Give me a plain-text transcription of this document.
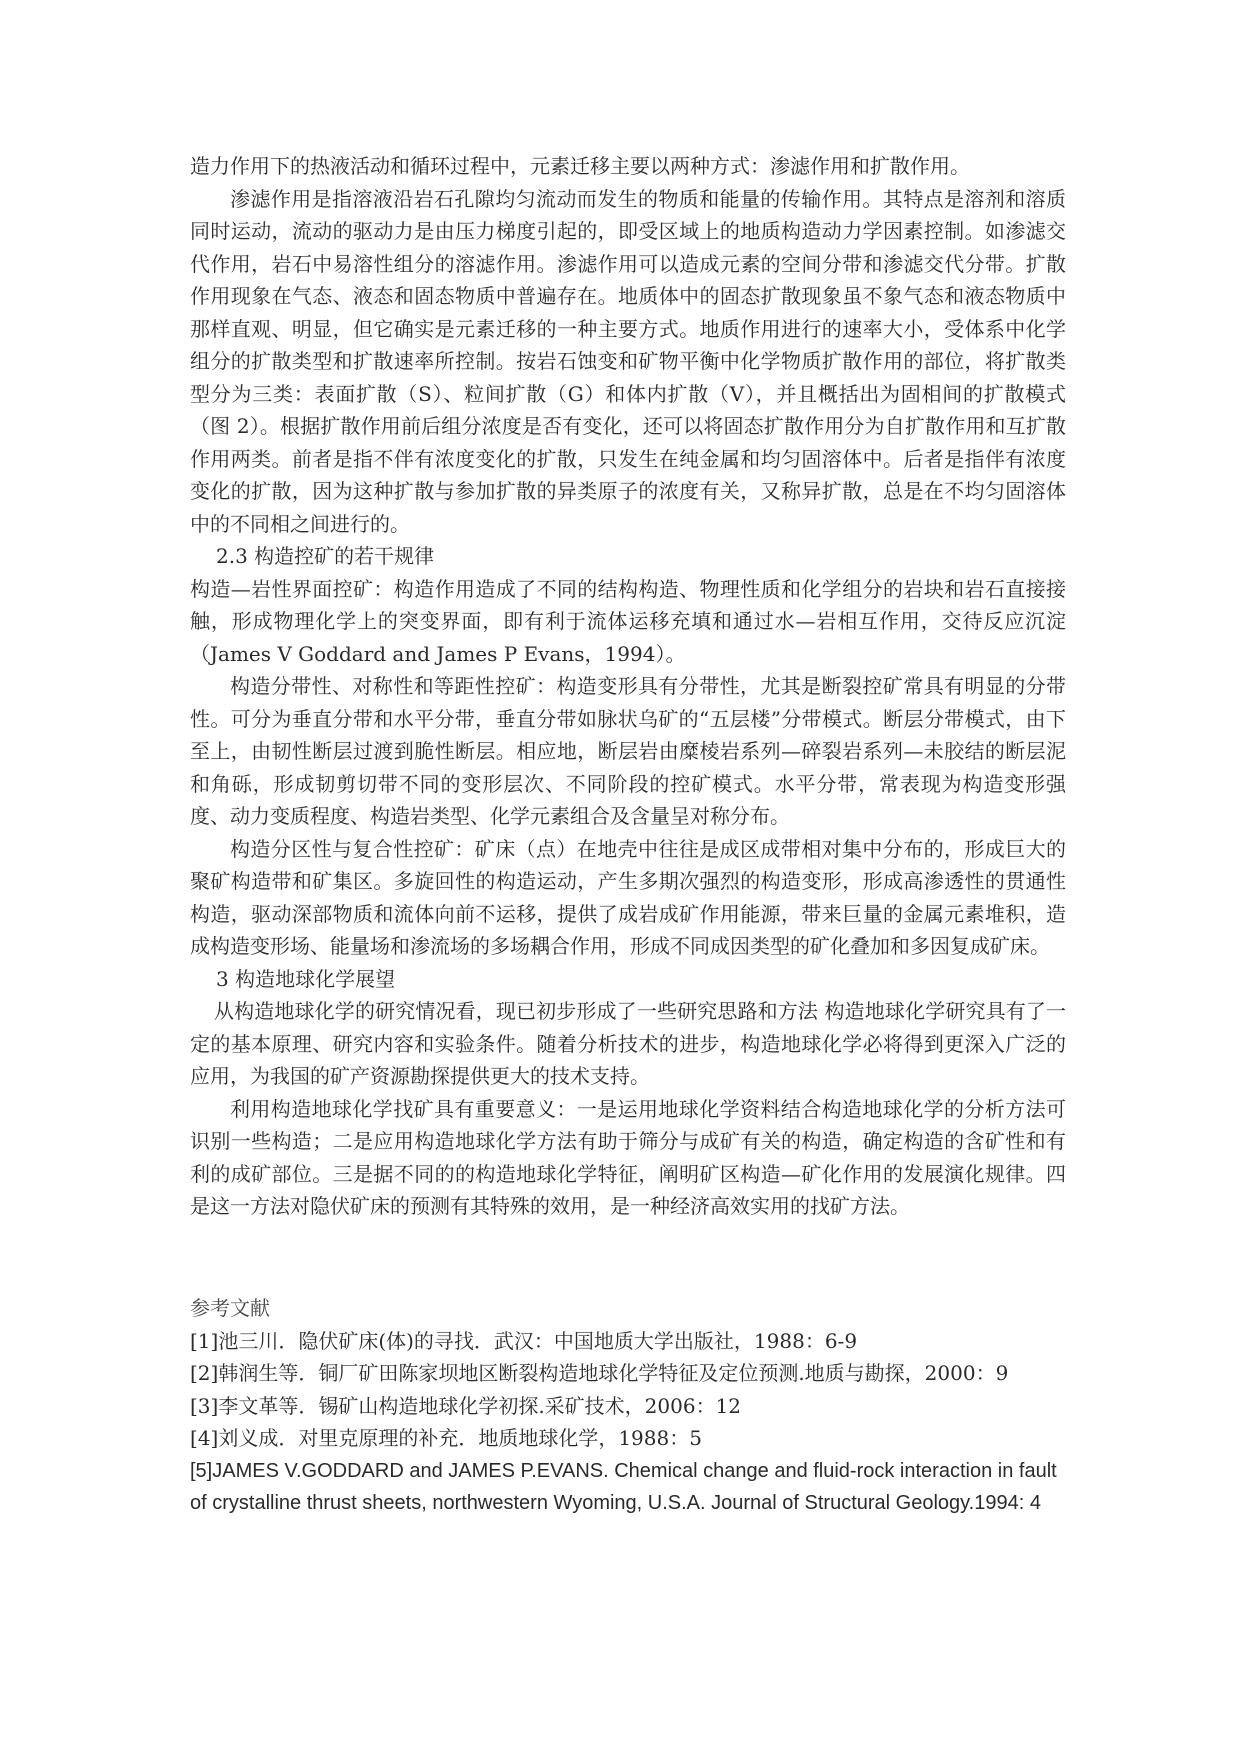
造力作用下的热液活动和循环过程中，元素迁移主要以两种方式：渗滤作用和扩散作用。

渗滤作用是指溶液沿岩石孔隙均匀流动而发生的物质和能量的传输作用。其特点是溶剂和溶质同时运动，流动的驱动力是由压力梯度引起的，即受区域上的地质构造动力学因素控制。如渗滤交代作用，岩石中易溶性组分的溶滤作用。渗滤作用可以造成元素的空间分带和渗滤交代分带。扩散作用现象在气态、液态和固态物质中普遍存在。地质体中的固态扩散现象虽不象气态和液态物质中那样直观、明显，但它确实是元素迁移的一种主要方式。地质作用进行的速率大小，受体系中化学组分的扩散类型和扩散速率所控制。按岩石蚀变和矿物平衡中化学物质扩散作用的部位，将扩散类型分为三类：表面扩散（S）、粒间扩散（G）和体内扩散（V），并且概括出为固相间的扩散模式（图 2）。根据扩散作用前后组分浓度是否有变化，还可以将固态扩散作用分为自扩散作用和互扩散作用两类。前者是指不伴有浓度变化的扩散，只发生在纯金属和均匀固溶体中。后者是指伴有浓度变化的扩散，因为这种扩散与参加扩散的异类原子的浓度有关，又称异扩散，总是在不均匀固溶体中的不同相之间进行的。

2.3 构造控矿的若干规律

构造—岩性界面控矿：构造作用造成了不同的结构构造、物理性质和化学组分的岩块和岩石直接接触，形成物理化学上的突变界面，即有利于流体运移充填和通过水—岩相互作用，交待反应沉淀（James V Goddard and James P Evans，1994）。

构造分带性、对称性和等距性控矿：构造变形具有分带性，尤其是断裂控矿常具有明显的分带性。可分为垂直分带和水平分带，垂直分带如脉状乌矿的“五层楼”分带模式。断层分带模式，由下至上，由韧性断层过渡到脆性断层。相应地，断层岩由糜棱岩系列—碎裂岩系列—未胶结的断层泥和角砾，形成韧剪切带不同的变形层次、不同阶段的控矿模式。水平分带，常表现为构造变形强度、动力变质程度、构造岩类型、化学元素组合及含量呈对称分布。

构造分区性与复合性控矿：矿床（点）在地壳中往往是成区成带相对集中分布的，形成巨大的聚矿构造带和矿集区。多旋回性的构造运动，产生多期次强烈的构造变形，形成高渗透性的贯通性构造，驱动深部物质和流体向前不运移，提供了成岩成矿作用能源，带来巨量的金属元素堆积，造成构造变形场、能量场和渗流场的多场耦合作用，形成不同成因类型的矿化叠加和多因复成矿床。

3 构造地球化学展望

从构造地球化学的研究情况看，现已初步形成了一些研究思路和方法 构造地球化学研究具有了一定的基本原理、研究内容和实验条件。随着分析技术的进步，构造地球化学必将得到更深入广泛的应用，为我国的矿产资源勘探提供更大的技术支持。

利用构造地球化学找矿具有重要意义：一是运用地球化学资料结合构造地球化学的分析方法可识别一些构造；二是应用构造地球化学方法有助于筛分与成矿有关的构造，确定构造的含矿性和有利的成矿部位。三是据不同的的构造地球化学特征，阐明矿区构造—矿化作用的发展演化规律。四是这一方法对隐伏矿床的预测有其特殊的效用，是一种经济高效实用的找矿方法。

参考文献

[1]池三川．隐伏矿床(体)的寻找．武汉：中国地质大学出版社，1988：6-9

[2]韩润生等．铜厂矿田陈家坝地区断裂构造地球化学特征及定位预测.地质与勘探，2000：9

[3]李文革等．锡矿山构造地球化学初探.采矿技术，2006：12

[4]刘义成．对里克原理的补充．地质地球化学，1988：5

[5]JAMES V.GODDARD and JAMES P.EVANS. Chemical change and fluid-rock interaction in fault of crystalline thrust sheets, northwestern Wyoming, U.S.A. Journal of Structural Geology.1994: 4
